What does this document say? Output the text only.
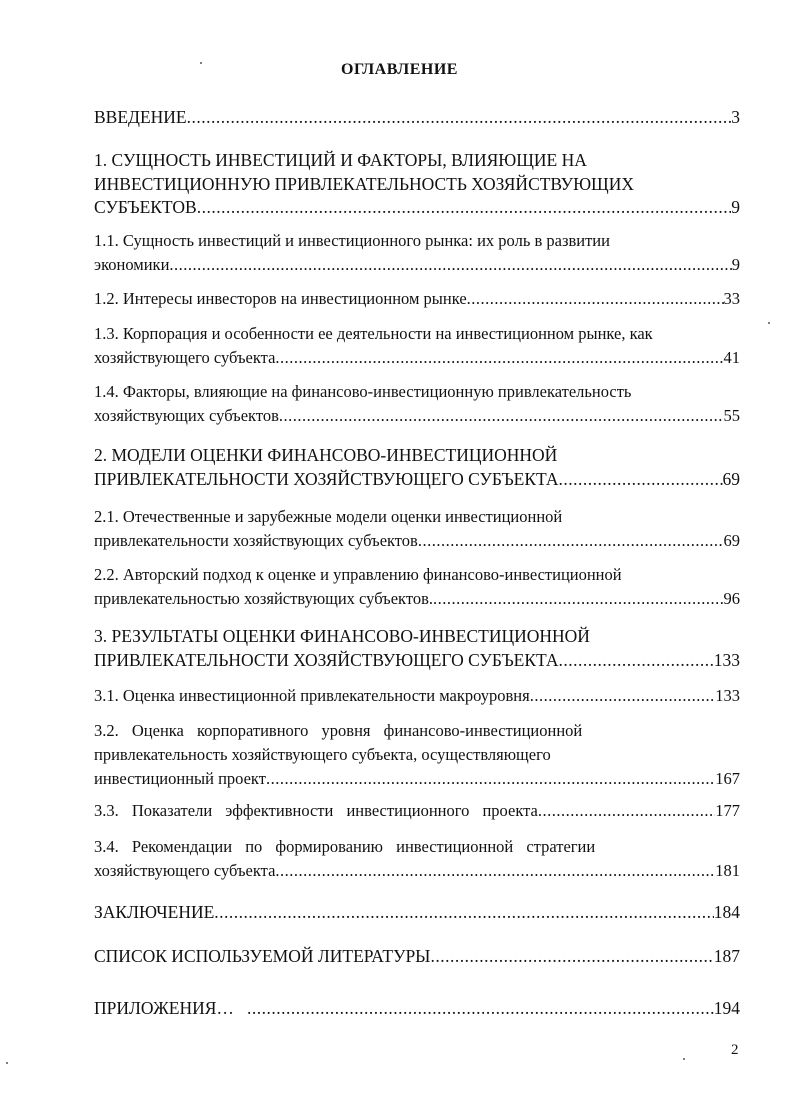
ОГЛАВЛЕНИЕ
ВВЕДЕНИЕ .....	3
1. СУЩНОСТЬ ИНВЕСТИЦИЙ И ФАКТОРЫ, ВЛИЯЮЩИЕ НА
ИНВЕСТИЦИОННУЮ ПРИВЛЕКАТЕЛЬНОСТЬ ХОЗЯЙСТВУЮЩИХ
СУБЪЕКТОВ .....	9
1.1. Сущность инвестиций и инвестиционного рынка: их роль в развитии
экономики .....	9
1.2. Интересы инвесторов на инвестиционном рынке .....	33
1.3. Корпорация и особенности ее деятельности на инвестиционном рынке, как
хозяйствующего субъекта .....	41
1.4. Факторы, влияющие на финансово-инвестиционную привлекательность
хозяйствующих субъектов .....	55
2. МОДЕЛИ ОЦЕНКИ ФИНАНСОВО-ИНВЕСТИЦИОННОЙ
ПРИВЛЕКАТЕЛЬНОСТИ ХОЗЯЙСТВУЮЩЕГО СУБЪЕКТА .....	69
2.1. Отечественные и зарубежные модели оценки инвестиционной
привлекательности хозяйствующих субъектов .....	69
2.2. Авторский подход к оценке и управлению финансово-инвестиционной
привлекательностью хозяйствующих субъектов. .....	96
3. РЕЗУЛЬТАТЫ ОЦЕНКИ ФИНАНСОВО-ИНВЕСТИЦИОННОЙ
ПРИВЛЕКАТЕЛЬНОСТИ ХОЗЯЙСТВУЮЩЕГО СУБЪЕКТА .....	133
3.1. Оценка инвестиционной привлекательности макроуровня .....	133
3.2. Оценка корпоративного уровня финансово-инвестиционной
привлекательность хозяйствующего субъекта, осуществляющего
инвестиционный проект .....	167
3.3. Показатели эффективности инвестиционного проекта .....	177
3.4. Рекомендации по формированию инвестиционной стратегии
хозяйствующего субъекта .....	181
ЗАКЛЮЧЕНИЕ .....	184
СПИСОК ИСПОЛЬЗУЕМОЙ ЛИТЕРАТУРЫ .....	187
ПРИЛОЖЕНИЯ… .....	194
2
